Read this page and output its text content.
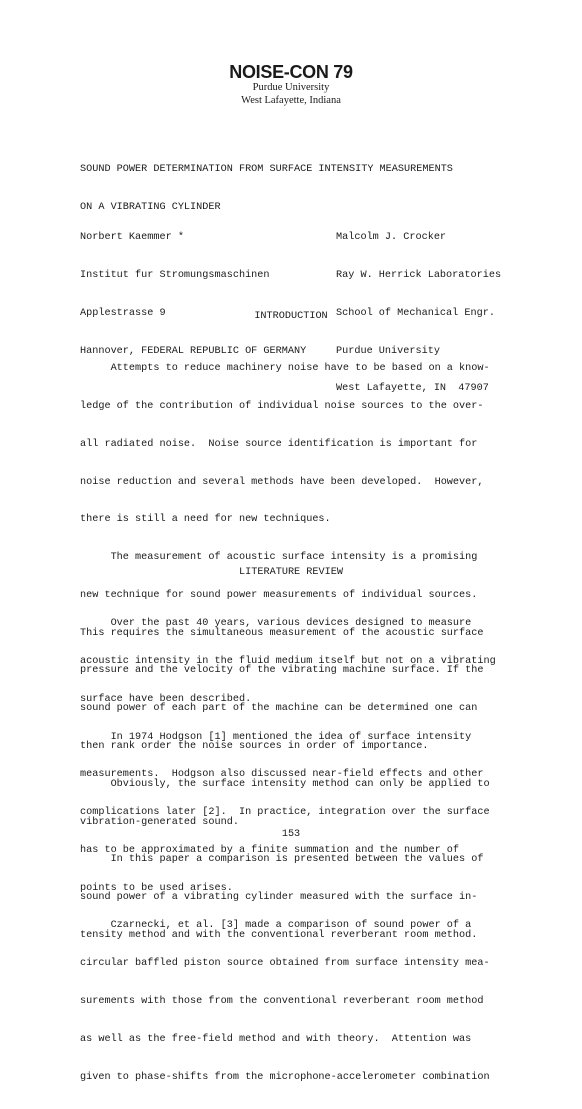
NOISE-CON 79
Purdue University
West Lafayette, Indiana

SOUND POWER DETERMINATION FROM SURFACE INTENSITY MEASUREMENTS

ON A VIBRATING CYLINDER

Norbert Kaemmer *

Institut fur Stromungsmaschinen

Applestrasse 9

Hannover, FEDERAL REPUBLIC OF GERMANY

Malcolm J. Crocker

Ray W. Herrick Laboratories

School of Mechanical Engr.

Purdue University

West Lafayette, IN  47907

INTRODUCTION

Attempts to reduce machinery noise have to be based on a know-

ledge of the contribution of individual noise sources to the over-

all radiated noise.  Noise source identification is important for

noise reduction and several methods have been developed.  However,

there is still a need for new techniques.

The measurement of acoustic surface intensity is a promising

new technique for sound power measurements of individual sources.

This requires the simultaneous measurement of the acoustic surface

pressure and the velocity of the vibrating machine surface. If the

sound power of each part of the machine can be determined one can

then rank order the noise sources in order of importance.

Obviously, the surface intensity method can only be applied to

vibration-generated sound.

In this paper a comparison is presented between the values of

sound power of a vibrating cylinder measured with the surface in-

tensity method and with the conventional reverberant room method.

LITERATURE REVIEW

Over the past 40 years, various devices designed to measure

acoustic intensity in the fluid medium itself but not on a vibrating

surface have been described.

In 1974 Hodgson [1] mentioned the idea of surface intensity

measurements.  Hodgson also discussed near-field effects and other

complications later [2].  In practice, integration over the surface

has to be approximated by a finite summation and the number of

points to be used arises.

Czarnecki, et al. [3] made a comparison of sound power of a

circular baffled piston source obtained from surface intensity mea-

surements with those from the conventional reverberant room method

as well as the free-field method and with theory.  Attention was

given to phase-shifts from the microphone-accelerometer combination

153
